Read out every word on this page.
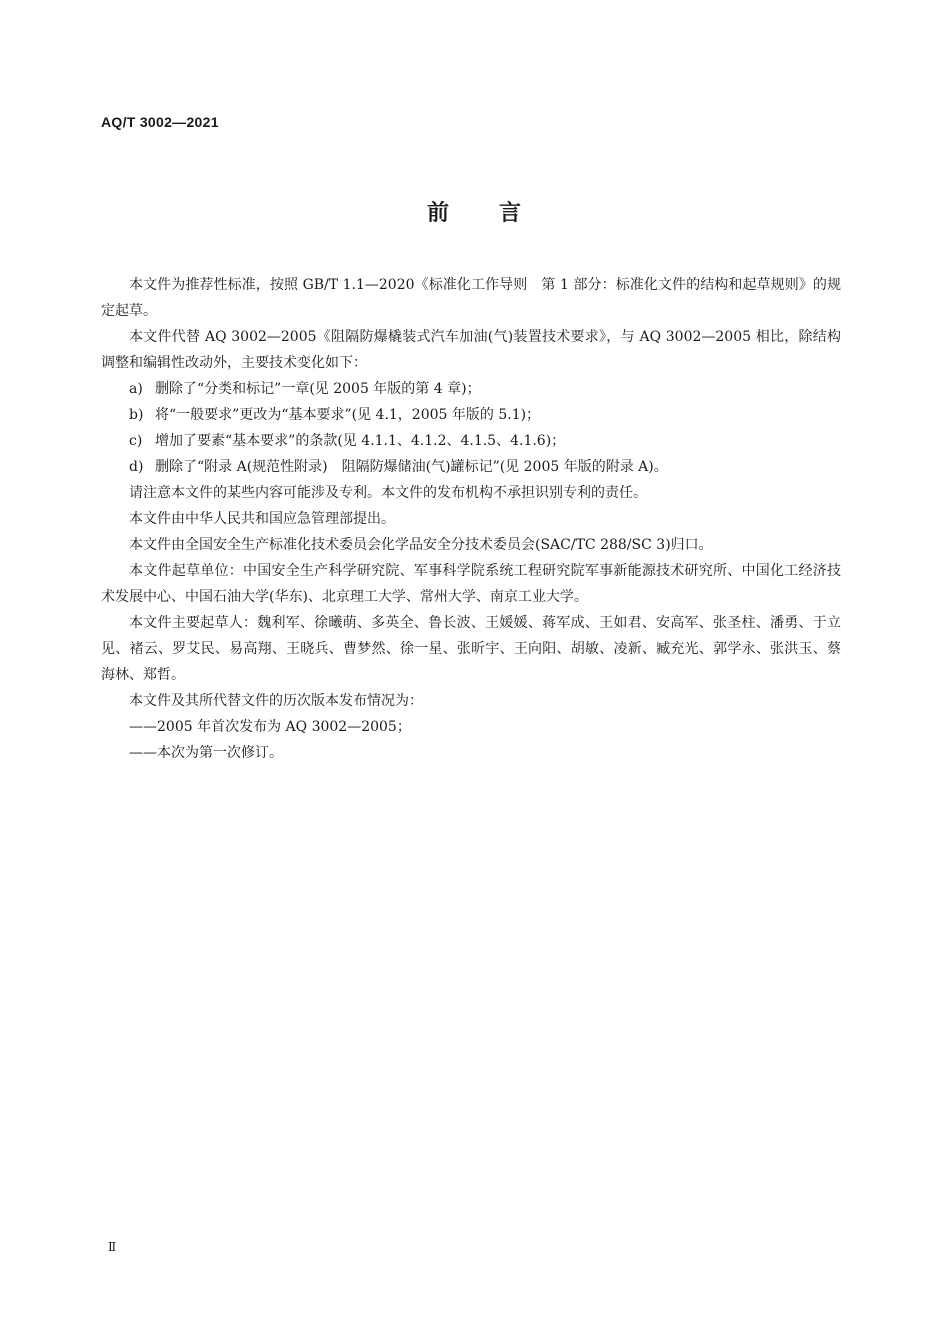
AQ/T 3002—2021
前　　言

本文件为推荐性标准，按照 GB/T 1.1—2020《标准化工作导则　第 1 部分：标准化文件的结构和起草规则》的规定起草。

本文件代替 AQ 3002—2005《阻隔防爆橇装式汽车加油(气)装置技术要求》，与 AQ 3002—2005 相比，除结构调整和编辑性改动外，主要技术变化如下：

a) 删除了“分类和标记”一章(见 2005 年版的第 4 章)；

b) 将“一般要求”更改为“基本要求”(见 4.1，2005 年版的 5.1)；

c) 增加了要素“基本要求”的条款(见 4.1.1、4.1.2、4.1.5、4.1.6)；

d) 删除了“附录 A(规范性附录)　阻隔防爆储油(气)罐标记”(见 2005 年版的附录 A)。

请注意本文件的某些内容可能涉及专利。本文件的发布机构不承担识别专利的责任。

本文件由中华人民共和国应急管理部提出。

本文件由全国安全生产标准化技术委员会化学品安全分技术委员会(SAC/TC 288/SC 3)归口。

本文件起草单位：中国安全生产科学研究院、军事科学院系统工程研究院军事新能源技术研究所、中国化工经济技术发展中心、中国石油大学(华东)、北京理工大学、常州大学、南京工业大学。

本文件主要起草人：魏利军、徐曦萌、多英全、鲁长波、王媛媛、蒋军成、王如君、安高军、张圣柱、潘勇、于立见、褚云、罗艾民、易高翔、王晓兵、曹梦然、徐一星、张昕宇、王向阳、胡敏、凌新、臧充光、郭学永、张洪玉、蔡海林、郑哲。

本文件及其所代替文件的历次版本发布情况为：

——2005 年首次发布为 AQ 3002—2005；

——本次为第一次修订。

Ⅱ
